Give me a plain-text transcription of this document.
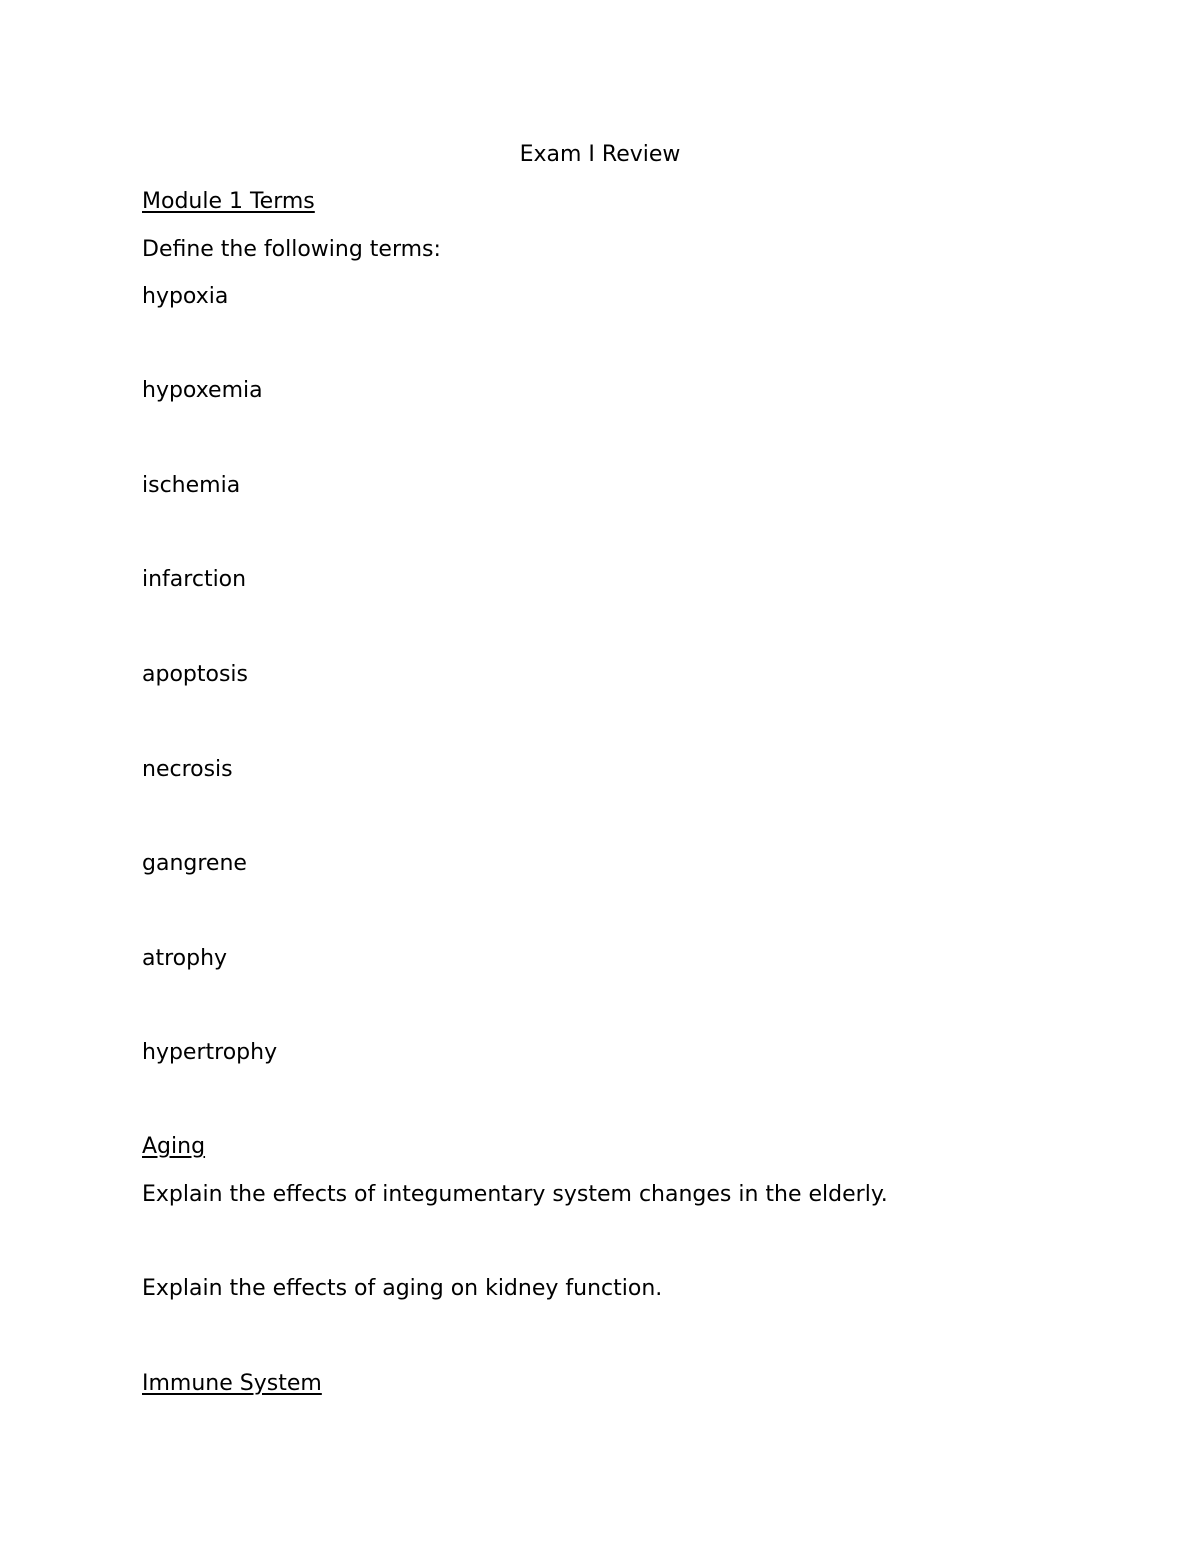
Exam I Review
Module 1 Terms
Define the following terms:
hypoxia
hypoxemia
ischemia
infarction
apoptosis
necrosis
gangrene
atrophy
hypertrophy
Aging
Explain the effects of integumentary system changes in the elderly.
Explain the effects of aging on kidney function.
Immune System
